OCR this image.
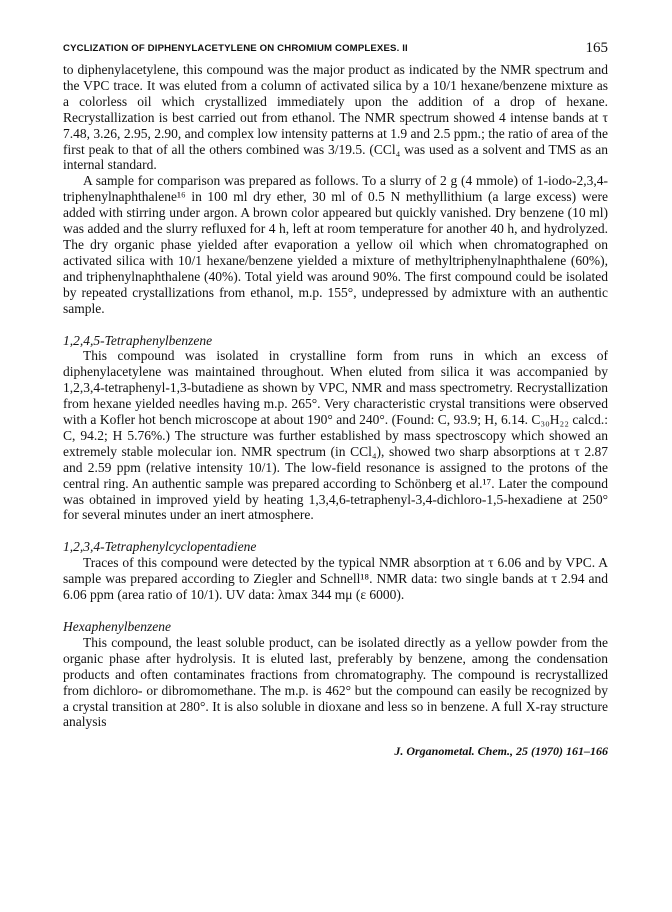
CYCLIZATION OF DIPHENYLACETYLENE ON CHROMIUM COMPLEXES. II	165

to diphenylacetylene, this compound was the major product as indicated by the NMR spectrum and the VPC trace. It was eluted from a column of activated silica by a 10/1 hexane/benzene mixture as a colorless oil which crystallized immediately upon the addition of a drop of hexane. Recrystallization is best carried out from ethanol. The NMR spectrum showed 4 intense bands at τ 7.48, 3.26, 2.95, 2.90, and complex low intensity patterns at 1.9 and 2.5 ppm.; the ratio of area of the first peak to that of all the others combined was 3/19.5. (CCl₄ was used as a solvent and TMS as an internal standard.

A sample for comparison was prepared as follows. To a slurry of 2 g (4 mmole) of 1-iodo-2,3,4-triphenylnaphthalene¹⁶ in 100 ml dry ether, 30 ml of 0.5 N methyllithium (a large excess) were added with stirring under argon. A brown color appeared but quickly vanished. Dry benzene (10 ml) was added and the slurry refluxed for 4 h, left at room temperature for another 40 h, and hydrolyzed. The dry organic phase yielded after evaporation a yellow oil which when chromatographed on activated silica with 10/1 hexane/benzene yielded a mixture of methyltriphenylnaphthalene (60%), and triphenylnaphthalene (40%). Total yield was around 90%. The first compound could be isolated by repeated crystallizations from ethanol, m.p. 155°, undepressed by admixture with an authentic sample.

1,2,4,5-Tetraphenylbenzene

This compound was isolated in crystalline form from runs in which an excess of diphenylacetylene was maintained throughout. When eluted from silica it was accompanied by 1,2,3,4-tetraphenyl-1,3-butadiene as shown by VPC, NMR and mass spectrometry. Recrystallization from hexane yielded needles having m.p. 265°. Very characteristic crystal transitions were observed with a Kofler hot bench microscope at about 190° and 240°. (Found: C, 93.9; H, 6.14. C₃₀H₂₂ calcd.: C, 94.2; H 5.76%.) The structure was further established by mass spectroscopy which showed an extremely stable molecular ion. NMR spectrum (in CCl₄), showed two sharp absorptions at τ 2.87 and 2.59 ppm (relative intensity 10/1). The low-field resonance is assigned to the protons of the central ring. An authentic sample was prepared according to Schönberg et al.¹⁷. Later the compound was obtained in improved yield by heating 1,3,4,6-tetraphenyl-3,4-dichloro-1,5-hexadiene at 250° for several minutes under an inert atmosphere.

1,2,3,4-Tetraphenylcyclopentadiene

Traces of this compound were detected by the typical NMR absorption at τ 6.06 and by VPC. A sample was prepared according to Ziegler and Schnell¹⁸. NMR data: two single bands at τ 2.94 and 6.06 ppm (area ratio of 10/1). UV data: λmax 344 mμ (ε 6000).

Hexaphenylbenzene

This compound, the least soluble product, can be isolated directly as a yellow powder from the organic phase after hydrolysis. It is eluted last, preferably by benzene, among the condensation products and often contaminates fractions from chromatography. The compound is recrystallized from dichloro- or dibromomethane. The m.p. is 462° but the compound can easily be recognized by a crystal transition at 280°. It is also soluble in dioxane and less so in benzene. A full X-ray structure analysis

J. Organometal. Chem., 25 (1970) 161–166
